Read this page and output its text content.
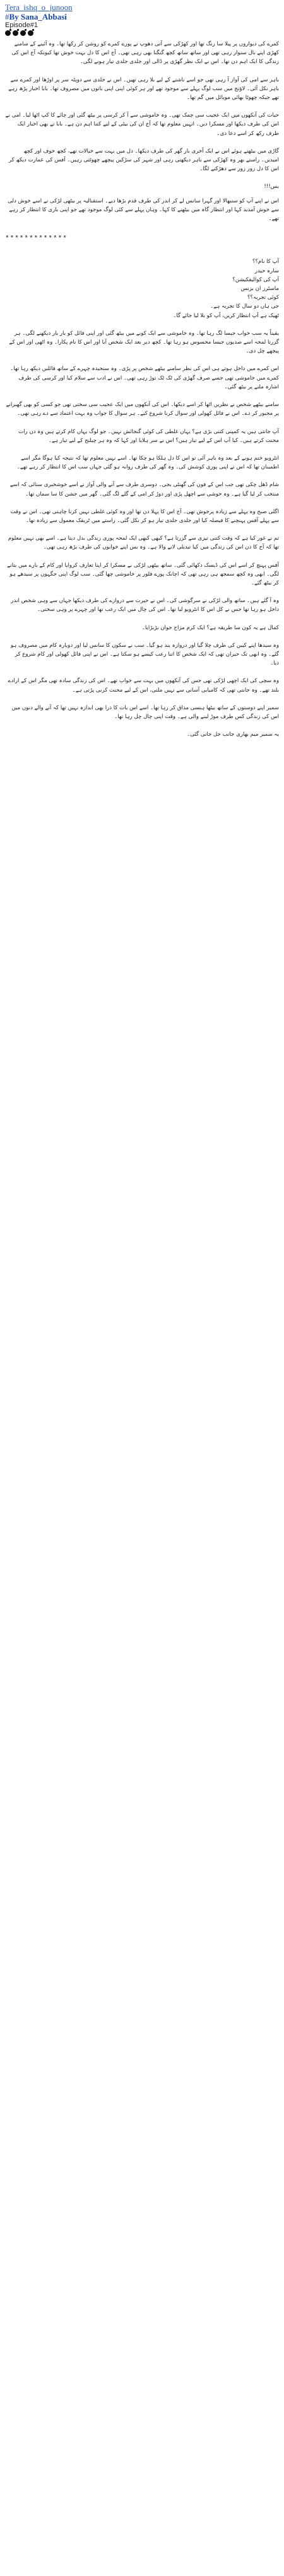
Tera_ishq_o_junoon
#By Sana_Abbasi
Episode#1

کمرے کی دیواروں پر پیلا سا رنگ تھا اور کھڑکی سے آتی دھوپ نے پورے کمرے کو روشن کر رکھا تھا۔ وہ آئینے کے سامنے کھڑی اپنے بال سنوار رہی تھی اور ساتھ ساتھ کچھ گنگنا بھی رہی تھی۔ آج اس کا دل بہت خوش تھا کیونکہ آج اس کی زندگی کا ایک اہم دن تھا۔ اس نے ایک نظر گھڑی پر ڈالی اور جلدی جلدی تیار ہونے لگی۔

باہر سے امی کی آواز آ رہی تھی جو اسے ناشتے کے لیے بلا رہی تھیں۔ اس نے جلدی سے دوپٹہ سر پر اوڑھا اور کمرے سے باہر نکل آئی۔ لاؤنج میں سب لوگ پہلے سے موجود تھے اور ہر کوئی اپنی اپنی باتوں میں مصروف تھا۔ بابا اخبار پڑھ رہے تھے جبکہ چھوٹا بھائی موبائل میں گم تھا۔

حیات کی آنکھوں میں ایک عجیب سی چمک تھی۔ وہ خاموشی سے آ کر کرسی پر بیٹھ گئی اور چائے کا کپ اٹھا لیا۔ امی نے اس کی طرف دیکھا اور مسکرا دیں۔ انہیں معلوم تھا کہ آج ان کی بیٹی کے لیے کتنا اہم دن ہے۔ بابا نے بھی اخبار ایک طرف رکھ کر اسے دعا دی۔

گاڑی میں بیٹھتے ہوئے اس نے ایک آخری بار گھر کی طرف دیکھا۔ دل میں بہت سے خیالات تھے، کچھ خوف اور کچھ امیدیں۔ راستے بھر وہ کھڑکی سے باہر دیکھتی رہی اور شہر کی سڑکیں پیچھے چھوٹتی رہیں۔ آفس کی عمارت دیکھ کر اس کا دل زور زور سے دھڑکنے لگا۔

بس!!!

اس نے اپنے آپ کو سنبھالا اور گہرا سانس لے کر اندر کی طرف قدم بڑھا دیے۔ استقبالیہ پر بیٹھی لڑکی نے اسے خوش دلی سے خوش آمدید کہا اور انتظار گاہ میں بیٹھنے کا کہا۔ وہاں پہلے سے کئی لوگ موجود تھے جو اپنی باری کا انتظار کر رہے تھے۔

*************

آپ کا نام؟؟
سارہ حیدر
آپ کی کوالیفکیشن؟
ماسٹرز ان بزنس
کوئی تجربہ؟؟
جی ہاں دو سال کا تجربہ ہے۔
ٹھیک ہے آپ انتظار کریں، آپ کو بلا لیا جائے گا۔

یقیناً یہ سب خواب جیسا لگ رہا تھا۔ وہ خاموشی سے ایک کونے میں بیٹھ گئی اور اپنی فائل کو بار بار دیکھنے لگی۔ ہر گزرتا لمحہ اسے صدیوں جیسا محسوس ہو رہا تھا۔ کچھ دیر بعد ایک شخص آیا اور اس کا نام پکارا۔ وہ اٹھی اور اس کے پیچھے چل دی۔

اس کمرے میں داخل ہوتے ہی اس کی نظر سامنے بیٹھے شخص پر پڑی۔ وہ سنجیدہ چہرے کے ساتھ فائلیں دیکھ رہا تھا۔ کمرے میں خاموشی تھی جسے صرف گھڑی کی ٹک ٹک توڑ رہی تھی۔ اس نے ادب سے سلام کیا اور کرسی کی طرف اشارہ ملنے پر بیٹھ گئی۔

سامنے بیٹھے شخص نے نظریں اٹھا کر اسے دیکھا۔ اس کی آنکھوں میں ایک عجیب سی سختی تھی جو کسی کو بھی گھبرانے پر مجبور کر دے۔ اس نے فائل کھولی اور سوال کرنا شروع کیے۔ ہر سوال کا جواب وہ بہت اعتماد سے دے رہی تھی۔

آپ جانتی ہیں یہ کمپنی کتنی بڑی ہے؟ یہاں غلطی کی کوئی گنجائش نہیں۔ جو لوگ یہاں کام کرتے ہیں وہ دن رات محنت کرتے ہیں۔ کیا آپ اس کے لیے تیار ہیں؟ اس نے سر ہلایا اور کہا کہ وہ ہر چیلنج کے لیے تیار ہے۔

انٹرویو ختم ہونے کے بعد وہ باہر آئی تو اس کا دل ہلکا ہو چکا تھا۔ اسے نہیں معلوم تھا کہ نتیجہ کیا ہوگا مگر اسے اطمینان تھا کہ اس نے اپنی پوری کوشش کی۔ وہ گھر کی طرف روانہ ہو گئی جہاں سب اس کا انتظار کر رہے تھے۔

شام ڈھل چکی تھی جب اس کے فون کی گھنٹی بجی۔ دوسری طرف سے آنے والی آواز نے اسے خوشخبری سنائی کہ اسے منتخب کر لیا گیا ہے۔ وہ خوشی سے اچھل پڑی اور دوڑ کر امی کے گلے لگ گئی۔ گھر میں جشن کا سا سماں تھا۔

اگلی صبح وہ پہلے سے زیادہ پرجوش تھی۔ آج اس کا پہلا دن تھا اور وہ کوئی غلطی نہیں کرنا چاہتی تھی۔ اس نے وقت سے پہلے آفس پہنچنے کا فیصلہ کیا اور جلدی جلدی تیار ہو کر نکل گئی۔ راستے میں ٹریفک معمول سے زیادہ تھا۔

تم نے غور کیا ہے کہ وقت کتنی تیزی سے گزرتا ہے؟ کبھی کبھی ایک لمحہ پوری زندگی بدل دیتا ہے۔ اسے بھی نہیں معلوم تھا کہ آج کا دن اس کی زندگی میں کیا تبدیلی لانے والا ہے۔ وہ بس اپنے خوابوں کی طرف بڑھ رہی تھی۔

آفس پہنچ کر اسے اس کی ڈیسک دکھائی گئی۔ ساتھ بیٹھی لڑکی نے مسکرا کر اپنا تعارف کروایا اور کام کے بارے میں بتانے لگی۔ ابھی وہ کچھ سمجھ ہی رہی تھی کہ اچانک پورے فلور پر خاموشی چھا گئی۔ سب لوگ اپنی جگہوں پر سیدھے ہو کر بیٹھ گئے۔

وہ آ گئے ہیں۔ ساتھ والی لڑکی نے سرگوشی کی۔ اس نے حیرت سے دروازے کی طرف دیکھا جہاں سے وہی شخص اندر داخل ہو رہا تھا جس نے کل اس کا انٹرویو لیا تھا۔ اس کی چال میں ایک رعب تھا اور چہرے پر وہی سختی۔

کمال ہے یہ کون سا طریقہ ہے؟ ایک کرم مزاج جوان بڑبڑایا۔

وہ سیدھا اپنے کیبن کی طرف چلا گیا اور دروازہ بند ہو گیا۔ سب نے سکون کا سانس لیا اور دوبارہ کام میں مصروف ہو گئے۔ وہ ابھی تک حیران تھی کہ ایک شخص کا اتنا رعب کیسے ہو سکتا ہے۔ اس نے اپنی فائل کھولی اور کام شروع کر دیا۔

وہ سچی کی ایک اچھی لڑکی تھی جس کی آنکھوں میں بہت سے خواب تھے۔ اس کی زندگی سادہ تھی مگر اس کے ارادے بلند تھے۔ وہ جانتی تھی کہ کامیابی آسانی سے نہیں ملتی، اس کے لیے محنت کرنی پڑتی ہے۔

سمیر اپنے دوستوں کے ساتھ بیٹھا ہنسی مذاق کر رہا تھا۔ اسے اس بات کا ذرا بھی اندازہ نہیں تھا کہ آنے والے دنوں میں اس کی زندگی کس طرف موڑ لینے والی ہے۔ وقت اپنی چال چل رہا تھا۔

یہ سمیر میم بھاری جانب جل جانی گئی۔
